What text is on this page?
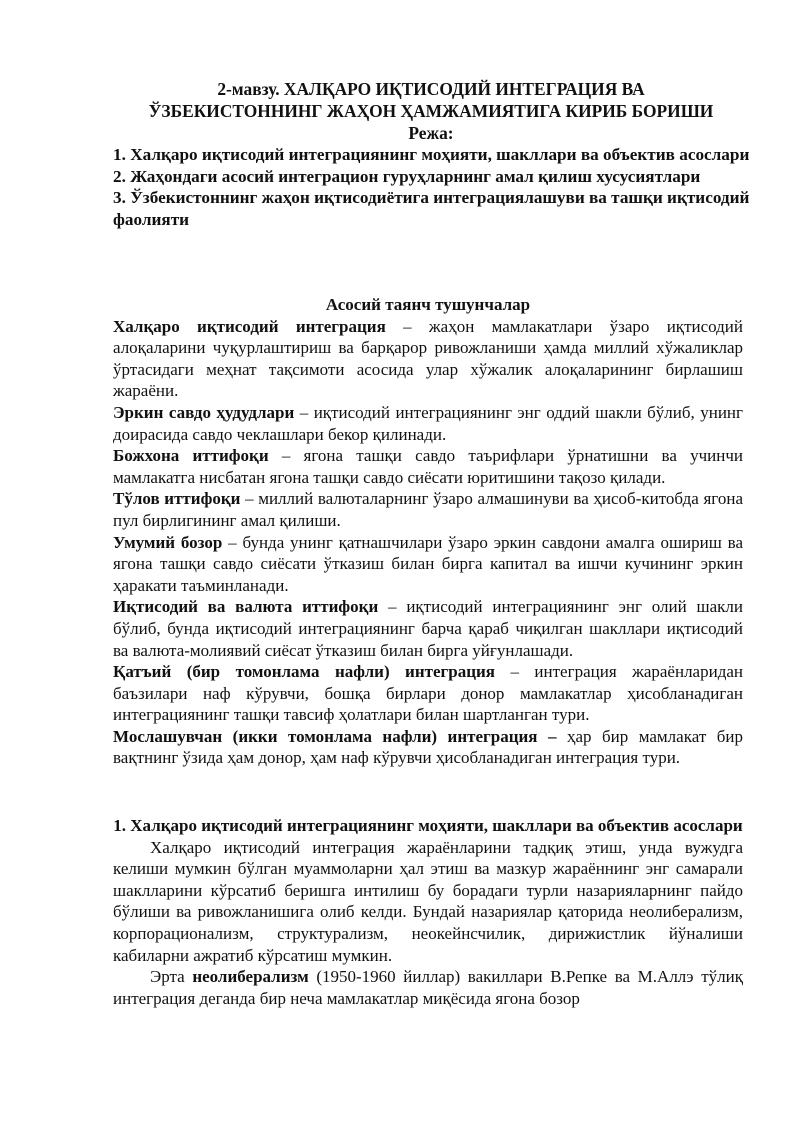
2-мавзу. ХАЛҚАРО ИҚТИСОДИЙ ИНТЕГРАЦИЯ ВА
ЎЗБЕКИСТОННИНГ ЖАҲОН ҲАМЖАМИЯТИГА КИРИБ БОРИШИ
Режа:

1. Халқаро иқтисодий интеграциянинг моҳияти, шакллари ва объектив асослари

2. Жаҳондаги асосий интеграцион гуруҳларнинг амал қилиш хусусиятлари

3. Ўзбекистоннинг жаҳон иқтисодиётига интеграциялашуви ва ташқи иқтисодий фаолияти

Асосий таянч тушунчалар

Халқаро иқтисодий интеграция – жаҳон мамлакатлари ўзаро иқтисодий алоқаларини чуқурлаштириш ва барқарор ривожланиши ҳамда миллий хўжаликлар ўртасидаги меҳнат тақсимоти асосида улар хўжалик алоқаларининг бирлашиш жараёни.

Эркин савдо ҳудудлари – иқтисодий интеграциянинг энг оддий шакли бўлиб, унинг доирасида савдо чеклашлари бекор қилинади.

Божхона иттифоқи – ягона ташқи савдо таърифлари ўрнатишни ва учинчи мамлакатга нисбатан ягона ташқи савдо сиёсати юритишини тақозо қилади.

Тўлов иттифоқи – миллий валюталарнинг ўзаро алмашинуви ва ҳисоб-китобда ягона пул бирлигининг амал қилиши.

Умумий бозор – бунда унинг қатнашчилари ўзаро эркин савдони амалга ошириш ва ягона ташқи савдо сиёсати ўтказиш билан бирга капитал ва ишчи кучининг эркин ҳаракати таъминланади.

Иқтисодий ва валюта иттифоқи – иқтисодий интеграциянинг энг олий шакли бўлиб, бунда иқтисодий интеграциянинг барча қараб чиқилган шакллари иқтисодий ва валюта-молиявий сиёсат ўтказиш билан бирга уйғунлашади.

Қатъий (бир томонлама нафли) интеграция – интеграция жараёнларидан баъзилари наф кўрувчи, бошқа бирлари донор мамлакатлар ҳисобланадиган интеграциянинг ташқи тавсиф ҳолатлари билан шартланган тури.

Мослашувчан (икки томонлама нафли) интеграция – ҳар бир мамлакат бир вақтнинг ўзида ҳам донор, ҳам наф кўрувчи ҳисобланадиган интеграция тури.

1. Халқаро иқтисодий интеграциянинг моҳияти, шакллари ва объектив асослари

Халқаро иқтисодий интеграция жараёнларини тадқиқ этиш, унда вужудга келиши мумкин бўлган муаммоларни ҳал этиш ва мазкур жараённинг энг самарали шаклларини кўрсатиб беришга интилиш бу борадаги турли назарияларнинг пайдо бўлиши ва ривожланишига олиб келди. Бундай назариялар қаторида неолиберализм, корпорационализм, структурализм, неокейнсчилик, дирижистлик йўналиши кабиларни ажратиб кўрсатиш мумкин.

Эрта неолиберализм (1950-1960 йиллар) вакиллари В.Репке ва М.Аллэ тўлиқ интеграция деганда бир неча мамлакатлар миқёсида ягона бозор
